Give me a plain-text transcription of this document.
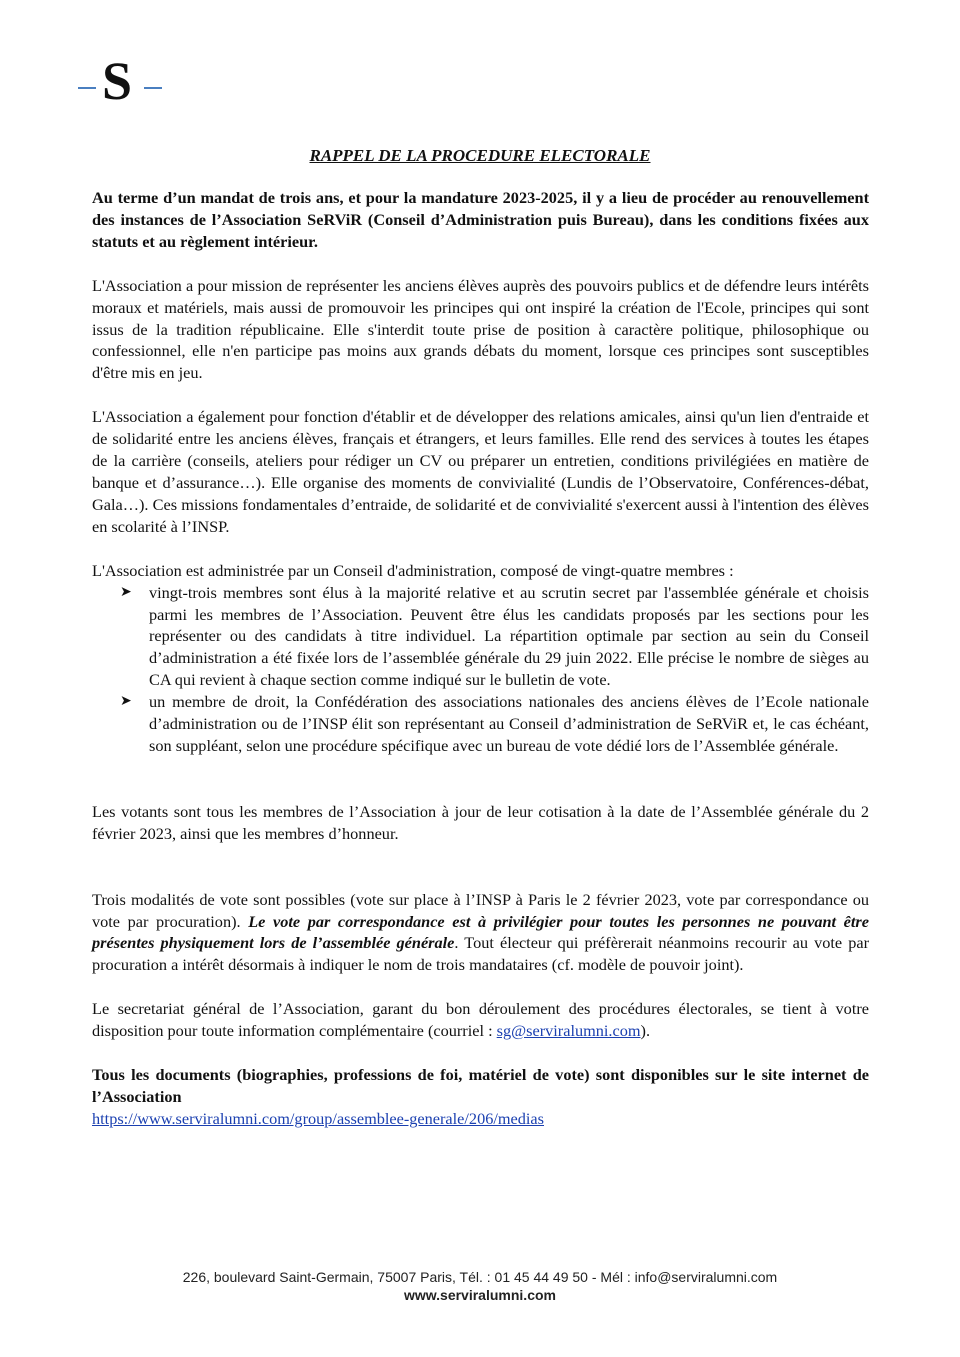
S
RAPPEL DE LA PROCEDURE ELECTORALE

Au terme d’un mandat de trois ans, et pour la mandature 2023-2025, il y a lieu de procéder au renouvellement des instances de l’Association SeRViR (Conseil d’Administration puis Bureau), dans les conditions fixées aux statuts et au règlement intérieur.

L'Association a pour mission de représenter les anciens élèves auprès des pouvoirs publics et de défendre leurs intérêts moraux et matériels, mais aussi de promouvoir les principes qui ont inspiré la création de l'Ecole, principes qui sont issus de la tradition républicaine. Elle s'interdit toute prise de position à caractère politique, philosophique ou confessionnel, elle n'en participe pas moins aux grands débats du moment, lorsque ces principes sont susceptibles d'être mis en jeu.

L'Association a également pour fonction d'établir et de développer des relations amicales, ainsi qu'un lien d'entraide et de solidarité entre les anciens élèves, français et étrangers, et leurs familles. Elle rend des services à toutes les étapes de la carrière (conseils, ateliers pour rédiger un CV ou préparer un entretien, conditions privilégiées en matière de banque et d’assurance…). Elle organise des moments de convivialité (Lundis de l’Observatoire, Conférences-débat, Gala…). Ces missions fondamentales d’entraide, de solidarité et de convivialité s'exercent aussi à l'intention des élèves en scolarité à l’INSP.

L'Association est administrée par un Conseil d'administration, composé de vingt-quatre membres :

➤ vingt-trois membres sont élus à la majorité relative et au scrutin secret par l'assemblée générale et choisis parmi les membres de l’Association. Peuvent être élus les candidats proposés par les sections pour les représenter ou des candidats à titre individuel. La répartition optimale par section au sein du Conseil d’administration a été fixée lors de l’assemblée générale du 29 juin 2022. Elle précise le nombre de sièges au CA qui revient à chaque section comme indiqué sur le bulletin de vote.
➤ un membre de droit, la Confédération des associations nationales des anciens élèves de l’Ecole nationale d’administration ou de l’INSP élit son représentant au Conseil d’administration de SeRViR et, le cas échéant, son suppléant, selon une procédure spécifique avec un bureau de vote dédié lors de l’Assemblée générale.

Les votants sont tous les membres de l’Association à jour de leur cotisation à la date de l’Assemblée générale du 2 février 2023, ainsi que les membres d’honneur.

Trois modalités de vote sont possibles (vote sur place à l’INSP à Paris le 2 février 2023, vote par correspondance ou vote par procuration). Le vote par correspondance est à privilégier pour toutes les personnes ne pouvant être présentes physiquement lors de l’assemblée générale. Tout électeur qui préfèrerait néanmoins recourir au vote par procuration a intérêt désormais à indiquer le nom de trois mandataires (cf. modèle de pouvoir joint).

Le secretariat général de l’Association, garant du bon déroulement des procédures électorales, se tient à votre disposition pour toute information complémentaire (courriel : sg@serviralumni.com).

Tous les documents (biographies, professions de foi, matériel de vote) sont disponibles sur le site internet de l’Association

https://www.serviralumni.com/group/assemblee-generale/206/medias
226, boulevard Saint-Germain, 75007 Paris, Tél. : 01 45 44 49 50 - Mél : info@serviralumni.com
www.serviralumni.com
